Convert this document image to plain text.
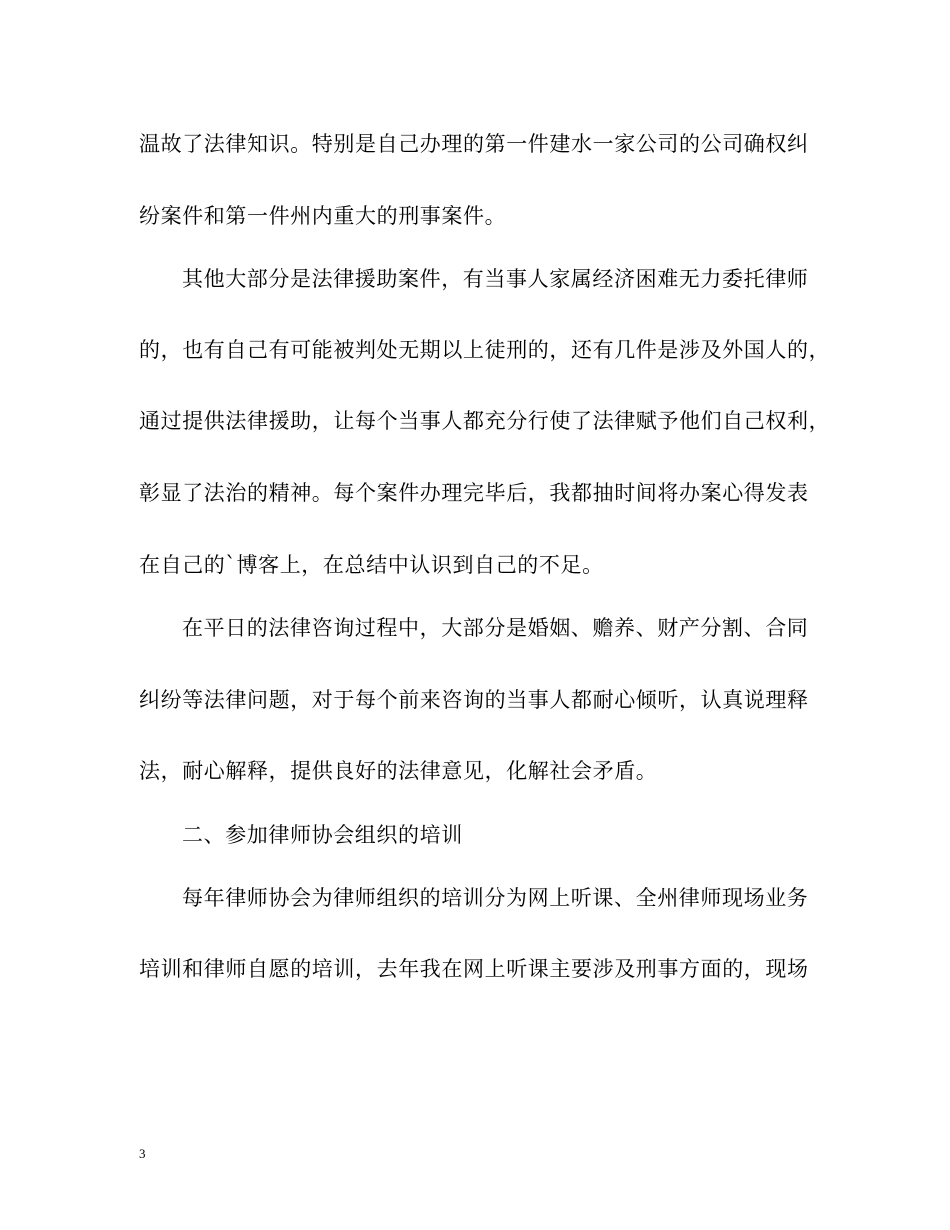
温故了法律知识。特别是自己办理的第一件建水一家公司的公司确权纠
纷案件和第一件州内重大的刑事案件。
其他大部分是法律援助案件，有当事人家属经济困难无力委托律师
的，也有自己有可能被判处无期以上徒刑的，还有几件是涉及外国人的，
通过提供法律援助，让每个当事人都充分行使了法律赋予他们自己权利，
彰显了法治的精神。每个案件办理完毕后，我都抽时间将办案心得发表
在自己的`博客上，在总结中认识到自己的不足。
在平日的法律咨询过程中，大部分是婚姻、赡养、财产分割、合同
纠纷等法律问题，对于每个前来咨询的当事人都耐心倾听，认真说理释
法，耐心解释，提供良好的法律意见，化解社会矛盾。
二、参加律师协会组织的培训
每年律师协会为律师组织的培训分为网上听课、全州律师现场业务
培训和律师自愿的培训，去年我在网上听课主要涉及刑事方面的，现场
3
